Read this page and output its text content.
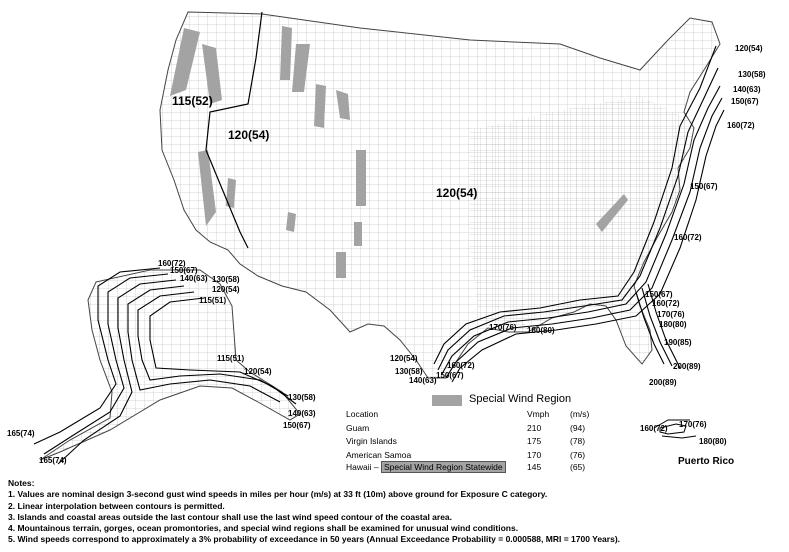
115(52)
120(54)
120(54)
120(54)
130(58)
140(63)
150(67)
160(72)
150(67)
160(72)
120(54)
130(58)
140(63)
150(67)
160(72)
170(76) 180(80)
150(67)
160(72)
170(76)
180(80)
190(85)
200(89)
200(89)
160(72)
150(67)
140(63) 130(58)
120(54)
115(51)
115(51)
120(54)
130(58)
140(63)
150(67)
165(74)
165(74)
160(72) 170(76)
180(80)
Puerto Rico
Special Wind Region
Location	Vmph (m/s)
Guam	210	(94)
Virgin Islands	175	(78)
American Samoa	170	(76)
Hawaii – Special Wind Region Statewide	145	(65)
Notes:
1. Values are nominal design 3-second gust wind speeds in miles per hour (m/s) at 33 ft (10m) above ground for Exposure C category.
2. Linear interpolation between contours is permitted.
3. Islands and coastal areas outside the last contour shall use the last wind speed contour of the coastal area.
4. Mountainous terrain, gorges, ocean promontories, and special wind regions shall be examined for unusual wind conditions.
5. Wind speeds correspond to approximately a 3% probability of exceedance in 50 years (Annual Exceedance Probability = 0.000588, MRI = 1700 Years).
